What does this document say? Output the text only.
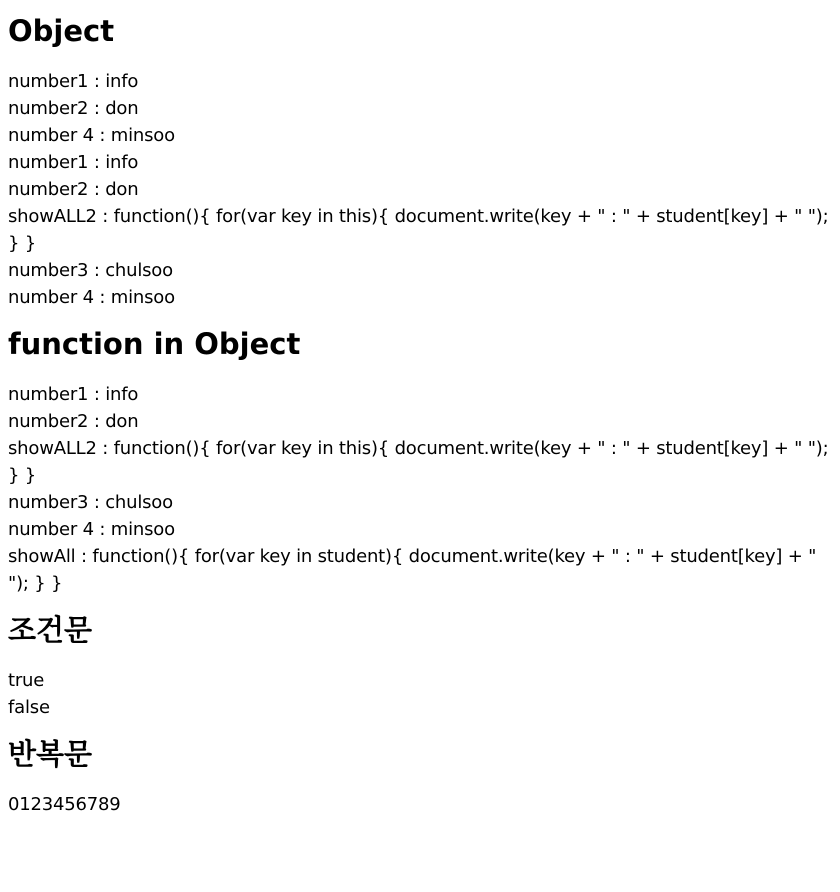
Object
number1 : info
number2 : don
number 4 : minsoo
number1 : info
number2 : don
showALL2 : function(){ for(var key in this){ document.write(key + " : " + student[key] + " "); } }
number3 : chulsoo
number 4 : minsoo
function in Object
number1 : info
number2 : don
showALL2 : function(){ for(var key in this){ document.write(key + " : " + student[key] + " "); } }
number3 : chulsoo
number 4 : minsoo
showAll : function(){ for(var key in student){ document.write(key + " : " + student[key] + " "); } }
조건문
true
false
반복문
0123456789
